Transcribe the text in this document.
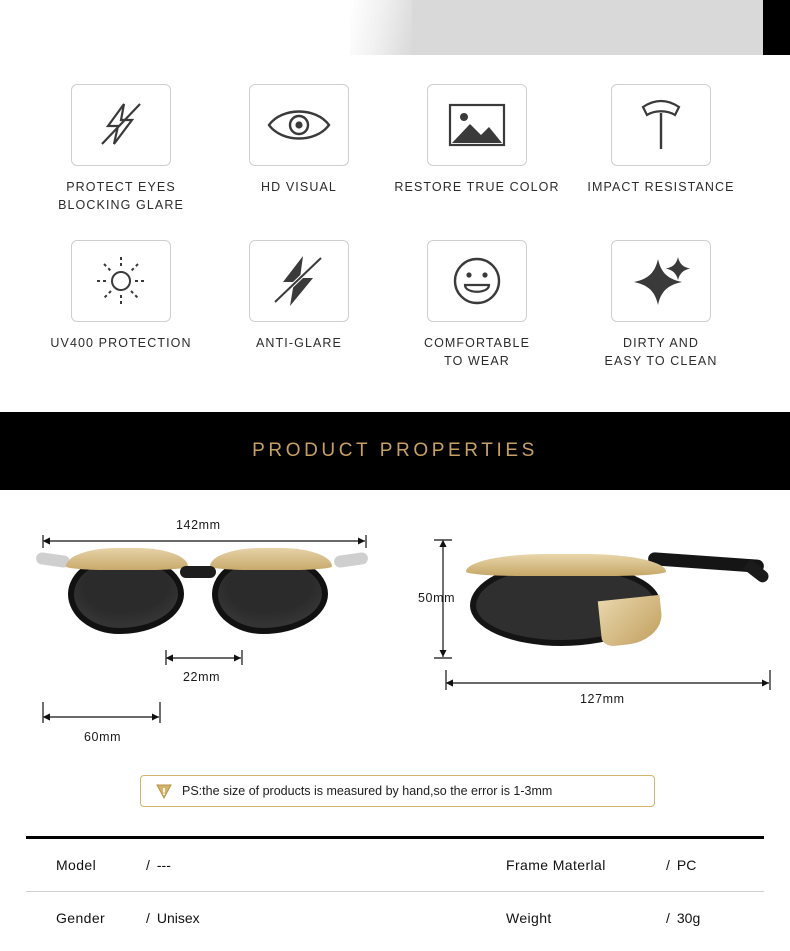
PROTECT EYES
BLOCKING GLARE
HD VISUAL	RESTORE TRUE COLOR	IMPACT RESISTANCE
UV400 PROTECTION	ANTI-GLARE	COMFORTABLE
TO WEAR
DIRTY AND
EASY TO CLEAN
PRODUCT PROPERTIES
142mm
22mm
60mm
50mm
127mm
PS:the size of products is measured by hand,so the error is 1-3mm
Model	/ ---	Frame Materlal	/ PC
Gender	/ Unisex	Weight	/ 30g
